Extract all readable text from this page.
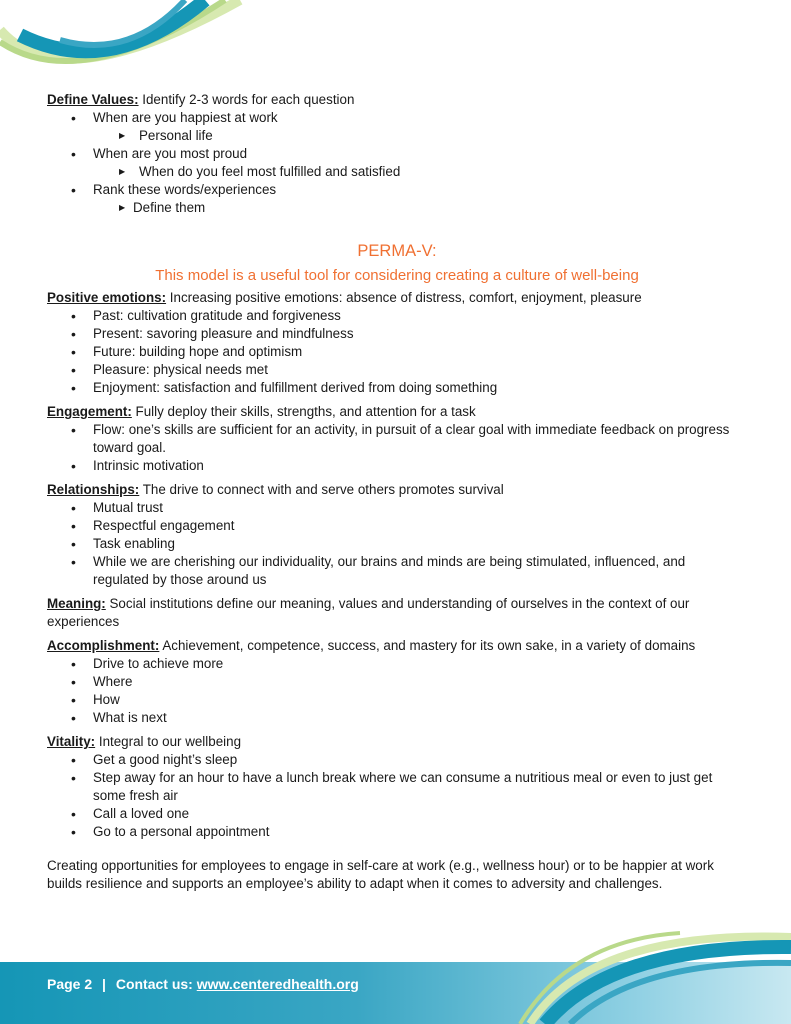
Define Values: Identify 2-3 words for each question
• When are you happiest at work
▶ Personal life
• When are you most proud
▶ When do you feel most fulfilled and satisfied
• Rank these words/experiences
▶ Define them
PERMA-V:
This model is a useful tool for considering creating a culture of well-being
Positive emotions: Increasing positive emotions: absence of distress, comfort, enjoyment, pleasure
• Past: cultivation gratitude and forgiveness
• Present: savoring pleasure and mindfulness
• Future: building hope and optimism
• Pleasure: physical needs met
• Enjoyment: satisfaction and fulfillment derived from doing something
Engagement: Fully deploy their skills, strengths, and attention for a task
• Flow: one’s skills are sufficient for an activity, in pursuit of a clear goal with immediate feedback on progress toward goal.
• Intrinsic motivation
Relationships: The drive to connect with and serve others promotes survival
• Mutual trust
• Respectful engagement
• Task enabling
• While we are cherishing our individuality, our brains and minds are being stimulated, influenced, and regulated by those around us
Meaning: Social institutions define our meaning, values and understanding of ourselves in the context of our experiences
Accomplishment: Achievement, competence, success, and mastery for its own sake, in a variety of domains
• Drive to achieve more
• Where
• How
• What is next
Vitality: Integral to our wellbeing
• Get a good night’s sleep
• Step away for an hour to have a lunch break where we can consume a nutritious meal or even to just get some fresh air
• Call a loved one
• Go to a personal appointment
Creating opportunities for employees to engage in self-care at work (e.g., wellness hour) or to be happier at work builds resilience and supports an employee’s ability to adapt when it comes to adversity and challenges.
Page 2 | Contact us: www.centeredhealth.org
